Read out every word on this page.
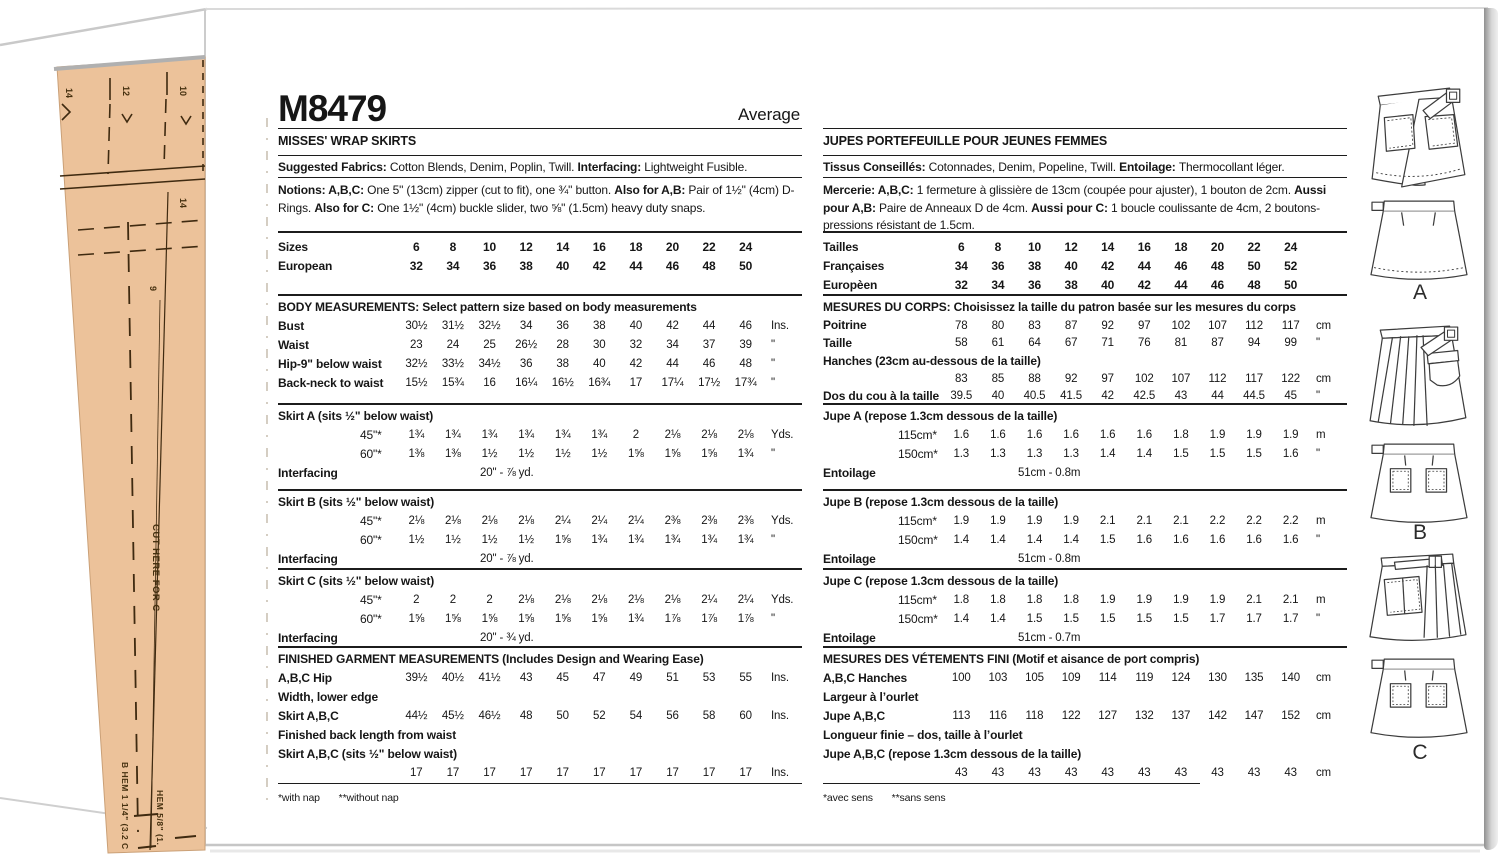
14	12	10
14
9
CUT HERE FOR C
B HEM 1 1/4" (3.2 C	HEM 5/8" (1.
M8479	Average
MISSES' WRAP SKIRTS
Suggested Fabrics: Cotton Blends, Denim, Poplin, Twill. Interfacing: Lightweight Fusible.
Notions: A,B,C: One 5" (13cm) zipper (cut to fit), one ¾" button. Also for A,B: Pair of 1½" (4cm) D-Rings. Also for C: One 1½" (4cm) buckle slider, two ⅝" (1.5cm) heavy duty snaps.
Sizes	6	8	10	12	14	16	18	20	22	24
European	32	34	36	38	40	42	44	46	48	50
BODY MEASUREMENTS: Select pattern size based on body measurements
Bust	30½	31½	32½	34	36	38	40	42	44	46	Ins.
Waist	23	24	25	26½	28	30	32	34	37	39	"
Hip-9" below waist	32½	33½	34½	36	38	40	42	44	46	48	"
Back-neck to waist	15½	15¾	16	16¼	16½	16¾	17	17¼	17½	17¾	"
Skirt A (sits ½" below waist)
45"*	1¾	1¾	1¾	1¾	1¾	1¾	2	2⅛	2⅛	2⅛	Yds.
60"*	1⅜	1⅜	1½	1½	1½	1½	1⅝	1⅝	1⅝	1¾	"
Interfacing	20" - ⅞ yd.
Skirt B (sits ½" below waist)
45"*	2⅛	2⅛	2⅛	2⅛	2¼	2¼	2¼	2⅜	2⅜	2⅜	Yds.
60"*	1½	1½	1½	1½	1⅝	1¾	1¾	1¾	1¾	1¾	"
Interfacing	20" - ⅞ yd.
Skirt C (sits ½" below waist)
45"*	2	2	2	2⅛	2⅛	2⅛	2⅛	2⅛	2¼	2¼	Yds.
60"*	1⅝	1⅝	1⅝	1⅝	1⅝	1⅝	1¾	1⅞	1⅞	1⅞	"
Interfacing	20" - ¾ yd.
FINISHED GARMENT MEASUREMENTS (Includes Design and Wearing Ease)
A,B,C Hip	39½	40½	41½	43	45	47	49	51	53	55	Ins.
Width, lower edge
Skirt A,B,C	44½	45½	46½	48	50	52	54	56	58	60	Ins.
Finished back length from waist
Skirt A,B,C (sits ½" below waist)
17	17	17	17	17	17	17	17	17	17	Ins.
*with nap **without nap
JUPES PORTEFEUILLE POUR JEUNES FEMMES
Tissus Conseillés: Cotonnades, Denim, Popeline, Twill. Entoilage: Thermocollant léger.
Mercerie: A,B,C: 1 fermeture à glissière de 13cm (coupée pour ajuster), 1 bouton de 2cm. Aussi pour A,B: Paire de Anneaux D de 4cm. Aussi pour C: 1 boucle coulissante de 4cm, 2 boutons-pressions résistant de 1.5cm.
Tailles	6	8	10	12	14	16	18	20	22	24
Françaises	34	36	38	40	42	44	46	48	50	52
Europèen	32	34	36	38	40	42	44	46	48	50
MESURES DU CORPS: Choisissez la taille du patron basée sur les mesures du corps
Poitrine	78	80	83	87	92	97	102	107	112	117	cm
Taille	58	61	64	67	71	76	81	87	94	99	"
Hanches (23cm au-dessous de la taille)
83	85	88	92	97	102	107	112	117	122	cm
Dos du cou à la taille 39.5	40	40.5	41.5	42	42.5	43	44	44.5	45	"
Jupe A (repose 1.3cm dessous de la taille)
115cm*	1.6	1.6	1.6	1.6	1.6	1.6	1.8	1.9	1.9	1.9	m
150cm*	1.3	1.3	1.3	1.3	1.4	1.4	1.5	1.5	1.5	1.6	"
Entoilage	51cm - 0.8m
Jupe B (repose 1.3cm dessous de la taille)
115cm*	1.9	1.9	1.9	1.9	2.1	2.1	2.1	2.2	2.2	2.2	m
150cm*	1.4	1.4	1.4	1.4	1.5	1.6	1.6	1.6	1.6	1.6	"
Entoilage	51cm - 0.8m
Jupe C (repose 1.3cm dessous de la taille)
115cm*	1.8	1.8	1.8	1.8	1.9	1.9	1.9	1.9	2.1	2.1	m
150cm*	1.4	1.4	1.5	1.5	1.5	1.5	1.5	1.7	1.7	1.7	"
Entoilage	51cm - 0.7m
MESURES DES VÉTEMENTS FINI (Motif et aisance de port compris)
A,B,C Hanches	100	103	105	109	114	119	124	130	135	140	cm
Largeur à l’ourlet
Jupe A,B,C	113	116	118	122	127	132	137	142	147	152	cm
Longueur finie – dos, taille à l’ourlet
Jupe A,B,C (repose 1.3cm dessous de la taille)
43	43	43	43	43	43	43	43	43	43	cm
*avec sens **sans sens
A
B
C
